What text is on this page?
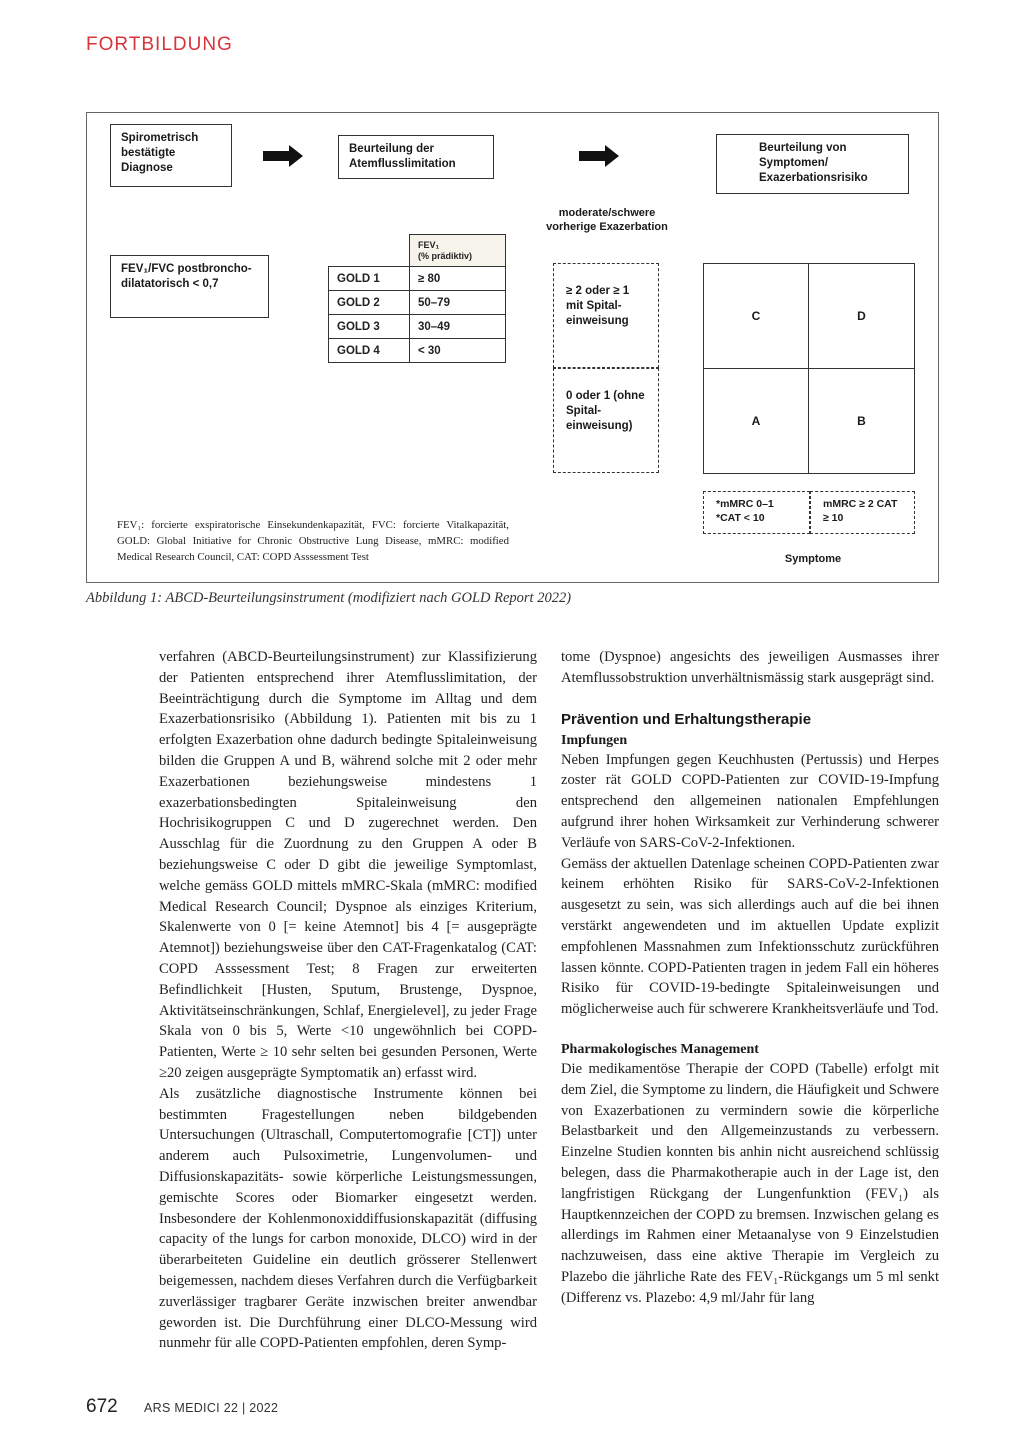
FORTBILDUNG
Spirometrisch bestätigte Diagnose
Beurteilung der Atemflusslimitation
Beurteilung von Symptomen/ Exazerbationsrisiko
FEV₁/FVC postbroncho-dilatatorisch < 0,7
	FEV₁
(% prädiktiv)
GOLD 1	≥ 80
GOLD 2	50–79
GOLD 3	30–49
GOLD 4	< 30
moderate/schwere vorherige Exazerbation
≥ 2 oder ≥ 1 mit Spital-einweisung
0 oder 1 (ohne Spital-einweisung)
C	D
A	B
*mMRC 0–1 *CAT < 10
mMRC ≥ 2 CAT ≥ 10
Symptome
FEV₁: forcierte exspiratorische Einsekundenkapazität, FVC: forcierte Vitalkapazität, GOLD: Global Initiative for Chronic Obstructive Lung Disease, mMRC: modified Medical Research Council, CAT: COPD Asssessment Test
Abbildung 1: ABCD-Beurteilungsinstrument (modifiziert nach GOLD Report 2022)

verfahren (ABCD-Beurteilungsinstrument) zur Klassifizierung der Patienten entsprechend ihrer Atemflusslimitation, der Beeinträchtigung durch die Symptome im Alltag und dem Exazerbationsrisiko (Abbildung 1). Patienten mit bis zu 1 erfolgten Exazerbation ohne dadurch bedingte Spitaleinweisung bilden die Gruppen A und B, während solche mit 2 oder mehr Exazerbationen beziehungsweise mindestens 1 exazerbationsbedingten Spitaleinweisung den Hochrisikogruppen C und D zugerechnet werden. Den Ausschlag für die Zuordnung zu den Gruppen A oder B beziehungsweise C oder D gibt die jeweilige Symptomlast, welche gemäss GOLD mittels mMRC-Skala (mMRC: modified Medical Research Council; Dyspnoe als einziges Kriterium, Skalenwerte von 0 [= keine Atemnot] bis 4 [= ausgeprägte Atemnot]) beziehungsweise über den CAT-Fragenkatalog (CAT: COPD Asssessment Test; 8 Fragen zur erweiterten Befindlichkeit [Husten, Sputum, Brustenge, Dyspnoe, Aktivitätseinschränkungen, Schlaf, Energielevel], zu jeder Frage Skala von 0 bis 5, Werte <10 ungewöhnlich bei COPD-Patienten, Werte ≥ 10 sehr selten bei gesunden Personen, Werte ≥20 zeigen ausgeprägte Symptomatik an) erfasst wird.

Als zusätzliche diagnostische Instrumente können bei bestimmten Fragestellungen neben bildgebenden Untersuchungen (Ultraschall, Computertomografie [CT]) unter anderem auch Pulsoximetrie, Lungenvolumen- und Diffusionskapazitäts- sowie körperliche Leistungsmessungen, gemischte Scores oder Biomarker eingesetzt werden. Insbesondere der Kohlenmonoxiddiffusionskapazität (diffusing capacity of the lungs for carbon monoxide, DLCO) wird in der überarbeiteten Guideline ein deutlich grösserer Stellenwert beigemessen, nachdem dieses Verfahren durch die Verfügbarkeit zuverlässiger tragbarer Geräte inzwischen breiter anwendbar geworden ist. Die Durchführung einer DLCO-Messung wird nunmehr für alle COPD-Patienten empfohlen, deren Symp-

tome (Dyspnoe) angesichts des jeweiligen Ausmasses ihrer Atemflussobstruktion unverhältnismässig stark ausgeprägt sind.

Prävention und Erhaltungstherapie
Impfungen

Neben Impfungen gegen Keuchhusten (Pertussis) und Herpes zoster rät GOLD COPD-Patienten zur COVID-19-Impfung entsprechend den allgemeinen nationalen Empfehlungen aufgrund ihrer hohen Wirksamkeit zur Verhinderung schwerer Verläufe von SARS-CoV-2-Infektionen.

Gemäss der aktuellen Datenlage scheinen COPD-Patienten zwar keinem erhöhten Risiko für SARS-CoV-2-Infektionen ausgesetzt zu sein, was sich allerdings auch auf die bei ihnen verstärkt angewendeten und im aktuellen Update explizit empfohlenen Massnahmen zum Infektionsschutz zurückführen lassen könnte. COPD-Patienten tragen in jedem Fall ein höheres Risiko für COVID-19-bedingte Spitaleinweisungen und möglicherweise auch für schwerere Krankheitsverläufe und Tod.

Pharmakologisches Management

Die medikamentöse Therapie der COPD (Tabelle) erfolgt mit dem Ziel, die Symptome zu lindern, die Häufigkeit und Schwere von Exazerbationen zu vermindern sowie die körperliche Belastbarkeit und den Allgemeinzustands zu verbessern. Einzelne Studien konnten bis anhin nicht ausreichend schlüssig belegen, dass die Pharmakotherapie auch in der Lage ist, den langfristigen Rückgang der Lungenfunktion (FEV₁) als Hauptkennzeichen der COPD zu bremsen. Inzwischen gelang es allerdings im Rahmen einer Metaanalyse von 9 Einzelstudien nachzuweisen, dass eine aktive Therapie im Vergleich zu Plazebo die jährliche Rate des FEV₁-Rückgangs um 5 ml senkt (Differenz vs. Plazebo: 4,9 ml/Jahr für lang

672 ARS MEDICI 22 | 2022
